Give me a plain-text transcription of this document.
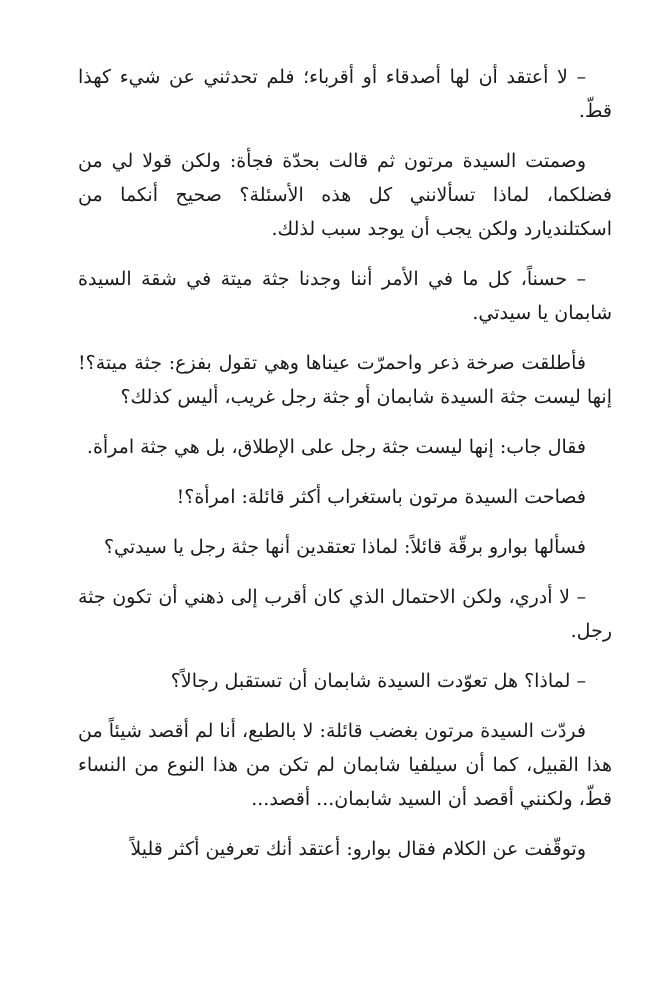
– لا أعتقد أن لها أصدقاء أو أقرباء؛ فلم تحدثني عن شيء كهذا قطّ.

وصمتت السيدة مرتون ثم قالت بحدّة فجأة: ولكن قولا لي من فضلكما، لماذا تسألانني كل هذه الأسئلة؟ صحيح أنكما من اسكتلنديارد ولكن يجب أن يوجد سبب لذلك.

– حسناً، كل ما في الأمر أننا وجدنا جثة ميتة في شقة السيدة شابمان يا سيدتي.

فأطلقت صرخة ذعر واحمرّت عيناها وهي تقول بفزع: جثة ميتة؟! إنها ليست جثة السيدة شابمان أو جثة رجل غريب، أليس كذلك؟

فقال جاب: إنها ليست جثة رجل على الإطلاق، بل هي جثة امرأة.

فصاحت السيدة مرتون باستغراب أكثر قائلة: امرأة؟!

فسألها بوارو برقّة قائلاً: لماذا تعتقدين أنها جثة رجل يا سيدتي؟

– لا أدري، ولكن الاحتمال الذي كان أقرب إلى ذهني أن تكون جثة رجل.

– لماذا؟ هل تعوّدت السيدة شابمان أن تستقبل رجالاً؟

فردّت السيدة مرتون بغضب قائلة: لا بالطبع، أنا لم أقصد شيئاً من هذا القبيل، كما أن سيلفيا شابمان لم تكن من هذا النوع من النساء قطّ، ولكنني أقصد أن السيد شابمان... أقصد...

وتوقّفت عن الكلام فقال بوارو: أعتقد أنك تعرفين أكثر قليلاً
